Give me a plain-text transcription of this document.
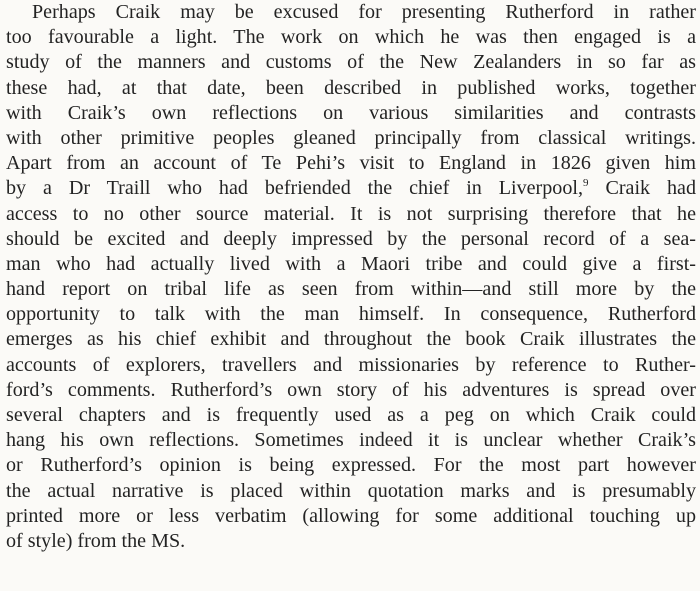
Perhaps Craik may be excused for presenting Rutherford in rather
too favourable a light. The work on which he was then engaged is a
study of the manners and customs of the New Zealanders in so far as
these had, at that date, been described in published works, together
with Craik’s own reflections on various similarities and contrasts
with other primitive peoples gleaned principally from classical writings.
Apart from an account of Te Pehi’s visit to England in 1826 given him
by a Dr Traill who had befriended the chief in Liverpool,$^9$ Craik had
access to no other source material. It is not surprising therefore that he
should be excited and deeply impressed by the personal record of a sea-
man who had actually lived with a Maori tribe and could give a first-
hand report on tribal life as seen from within—and still more by the
opportunity to talk with the man himself. In consequence, Rutherford
emerges as his chief exhibit and throughout the book Craik illustrates the
accounts of explorers, travellers and missionaries by reference to Ruther-
ford’s comments. Rutherford’s own story of his adventures is spread over
several chapters and is frequently used as a peg on which Craik could
hang his own reflections. Sometimes indeed it is unclear whether Craik’s
or Rutherford’s opinion is being expressed. For the most part however
the actual narrative is placed within quotation marks and is presumably
printed more or less verbatim (allowing for some additional touching up
of style) from the MS.
